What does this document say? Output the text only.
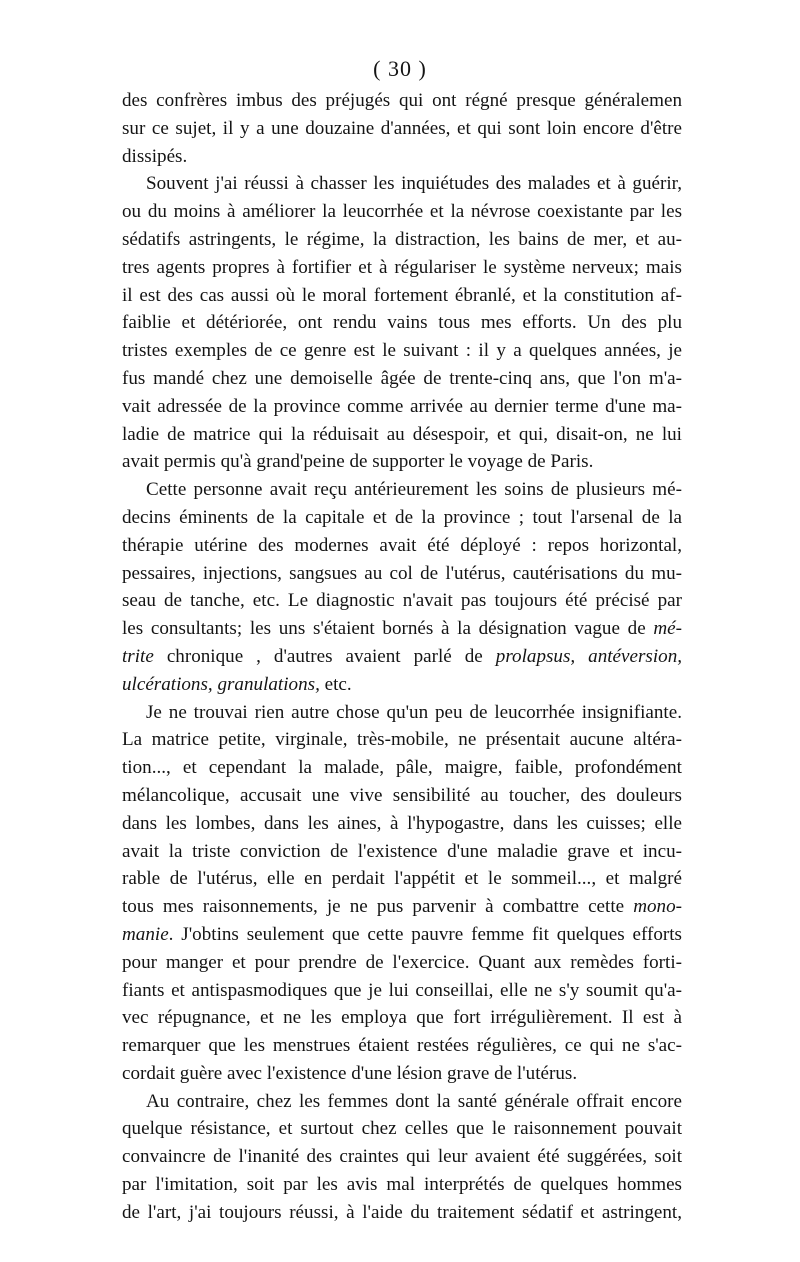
( 30 )

des confrères imbus des préjugés qui ont régné presque généralemen
sur ce sujet, il y a une douzaine d'années, et qui sont loin encore d'être
dissipés.

Souvent j'ai réussi à chasser les inquiétudes des malades et à guérir,
ou du moins à améliorer la leucorrhée et la névrose coexistante par les
sédatifs astringents, le régime, la distraction, les bains de mer, et au-
tres agents propres à fortifier et à régulariser le système nerveux; mais
il est des cas aussi où le moral fortement ébranlé, et la constitution af-
faiblie et détériorée, ont rendu vains tous mes efforts. Un des plu
tristes exemples de ce genre est le suivant : il y a quelques années, je
fus mandé chez une demoiselle âgée de trente-cinq ans, que l'on m'a-
vait adressée de la province comme arrivée au dernier terme d'une ma-
ladie de matrice qui la réduisait au désespoir, et qui, disait-on, ne lui
avait permis qu'à grand'peine de supporter le voyage de Paris.

Cette personne avait reçu antérieurement les soins de plusieurs mé-
decins éminents de la capitale et de la province ; tout l'arsenal de la
thérapie utérine des modernes avait été déployé : repos horizontal,
pessaires, injections, sangsues au col de l'utérus, cautérisations du mu-
seau de tanche, etc. Le diagnostic n'avait pas toujours été précisé par
les consultants; les uns s'étaient bornés à la désignation vague de mé-
trite chronique , d'autres avaient parlé de prolapsus, antéversion,
ulcérations, granulations, etc.

Je ne trouvai rien autre chose qu'un peu de leucorrhée insignifiante.
La matrice petite, virginale, très-mobile, ne présentait aucune altéra-
tion..., et cependant la malade, pâle, maigre, faible, profondément
mélancolique, accusait une vive sensibilité au toucher, des douleurs
dans les lombes, dans les aines, à l'hypogastre, dans les cuisses; elle
avait la triste conviction de l'existence d'une maladie grave et incu-
rable de l'utérus, elle en perdait l'appétit et le sommeil..., et malgré
tous mes raisonnements, je ne pus parvenir à combattre cette mono-
manie. J'obtins seulement que cette pauvre femme fit quelques efforts
pour manger et pour prendre de l'exercice. Quant aux remèdes forti-
fiants et antispasmodiques que je lui conseillai, elle ne s'y soumit qu'a-
vec répugnance, et ne les employa que fort irrégulièrement. Il est à
remarquer que les menstrues étaient restées régulières, ce qui ne s'ac-
cordait guère avec l'existence d'une lésion grave de l'utérus.

Au contraire, chez les femmes dont la santé générale offrait encore
quelque résistance, et surtout chez celles que le raisonnement pouvait
convaincre de l'inanité des craintes qui leur avaient été suggérées, soit
par l'imitation, soit par les avis mal interprétés de quelques hommes
de l'art, j'ai toujours réussi, à l'aide du traitement sédatif et astringent,
